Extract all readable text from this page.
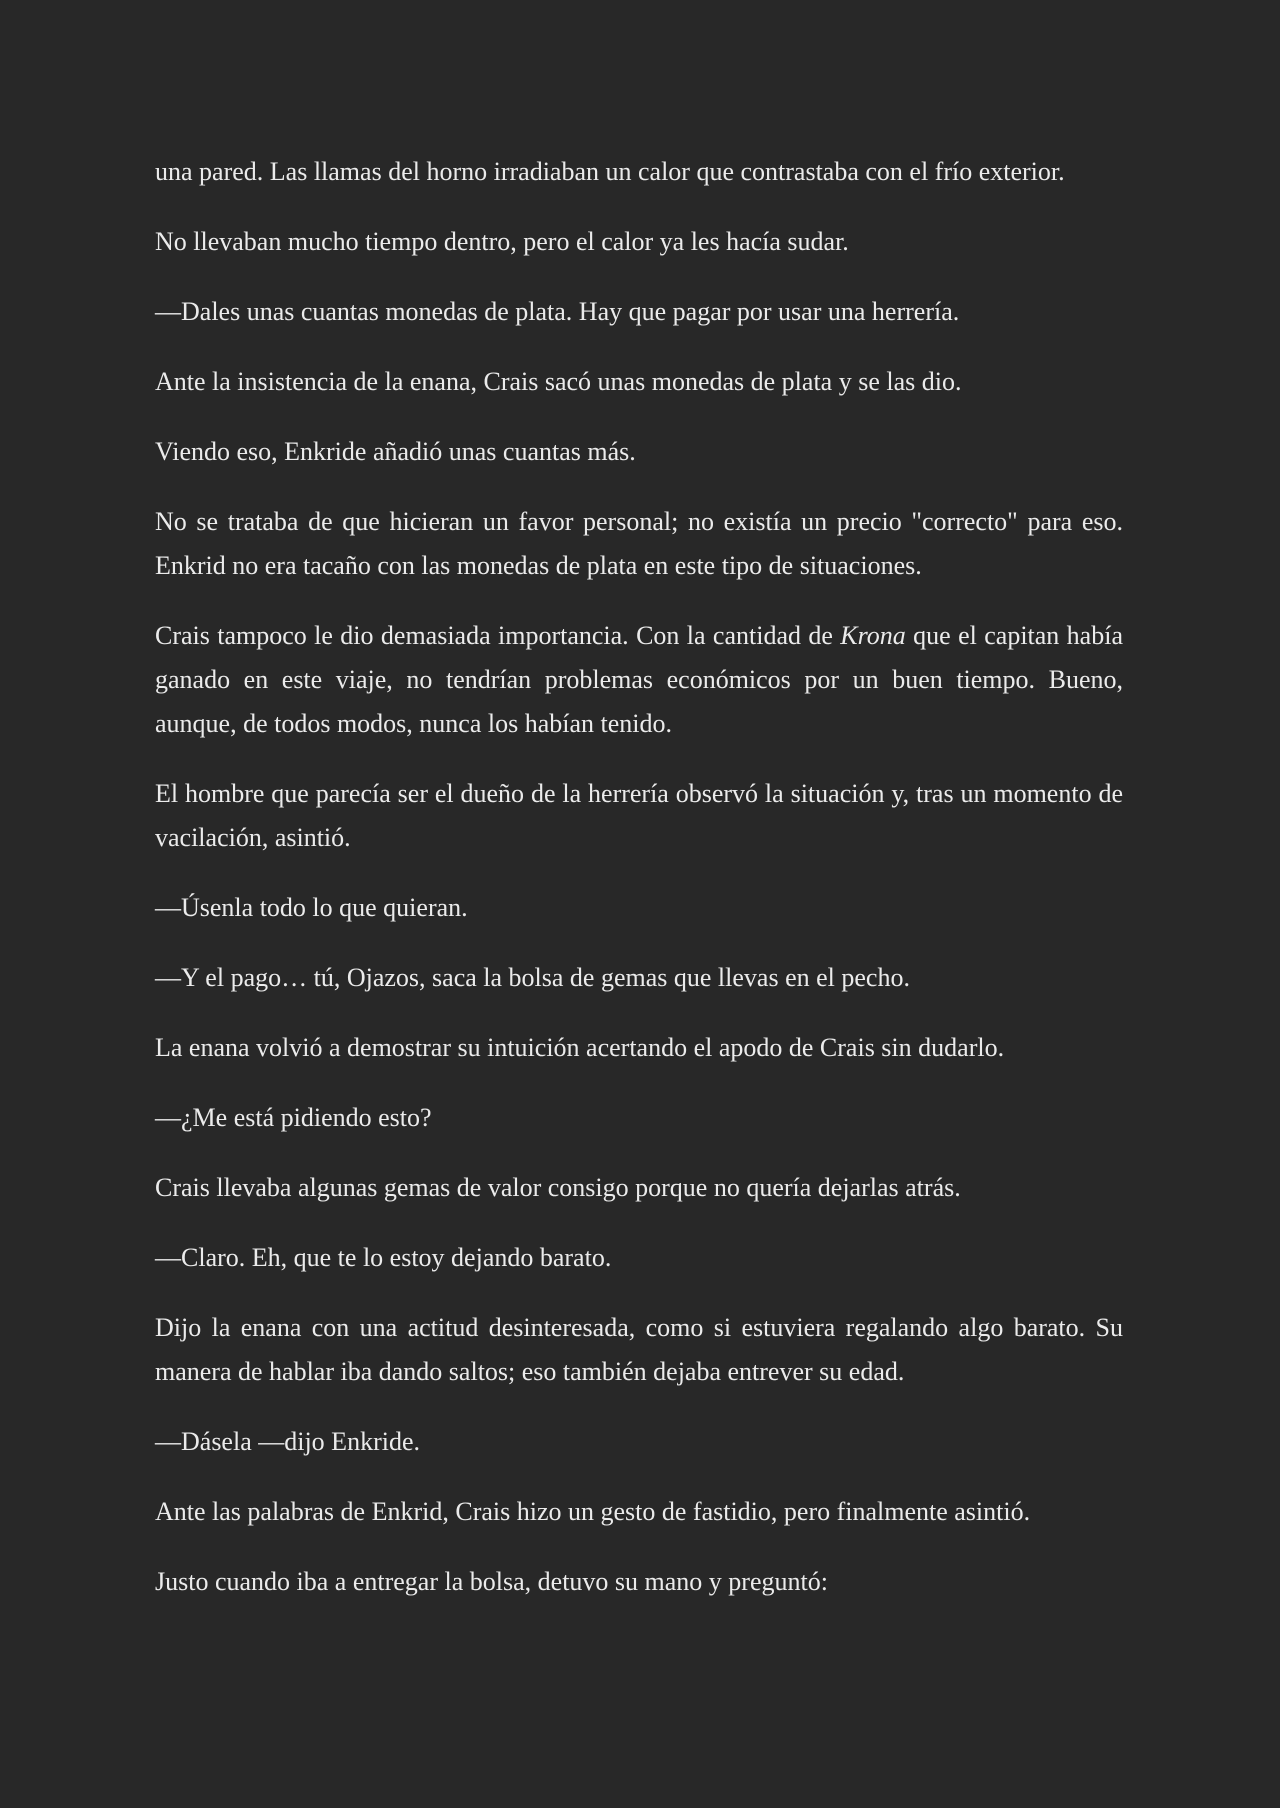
una pared. Las llamas del horno irradiaban un calor que contrastaba con el frío exterior.

No llevaban mucho tiempo dentro, pero el calor ya les hacía sudar.

—Dales unas cuantas monedas de plata. Hay que pagar por usar una herrería.

Ante la insistencia de la enana, Crais sacó unas monedas de plata y se las dio.

Viendo eso, Enkride añadió unas cuantas más.

No se trataba de que hicieran un favor personal; no existía un precio "correcto" para eso. Enkrid no era tacaño con las monedas de plata en este tipo de situaciones.

Crais tampoco le dio demasiada importancia. Con la cantidad de Krona que el capitan había ganado en este viaje, no tendrían problemas económicos por un buen tiempo. Bueno, aunque, de todos modos, nunca los habían tenido.

El hombre que parecía ser el dueño de la herrería observó la situación y, tras un momento de vacilación, asintió.

—Úsenla todo lo que quieran.

—Y el pago… tú, Ojazos, saca la bolsa de gemas que llevas en el pecho.

La enana volvió a demostrar su intuición acertando el apodo de Crais sin dudarlo.

—¿Me está pidiendo esto?

Crais llevaba algunas gemas de valor consigo porque no quería dejarlas atrás.

—Claro. Eh, que te lo estoy dejando barato.

Dijo la enana con una actitud desinteresada, como si estuviera regalando algo barato. Su manera de hablar iba dando saltos; eso también dejaba entrever su edad.

—Dásela —dijo Enkride.

Ante las palabras de Enkrid, Crais hizo un gesto de fastidio, pero finalmente asintió.

Justo cuando iba a entregar la bolsa, detuvo su mano y preguntó:
